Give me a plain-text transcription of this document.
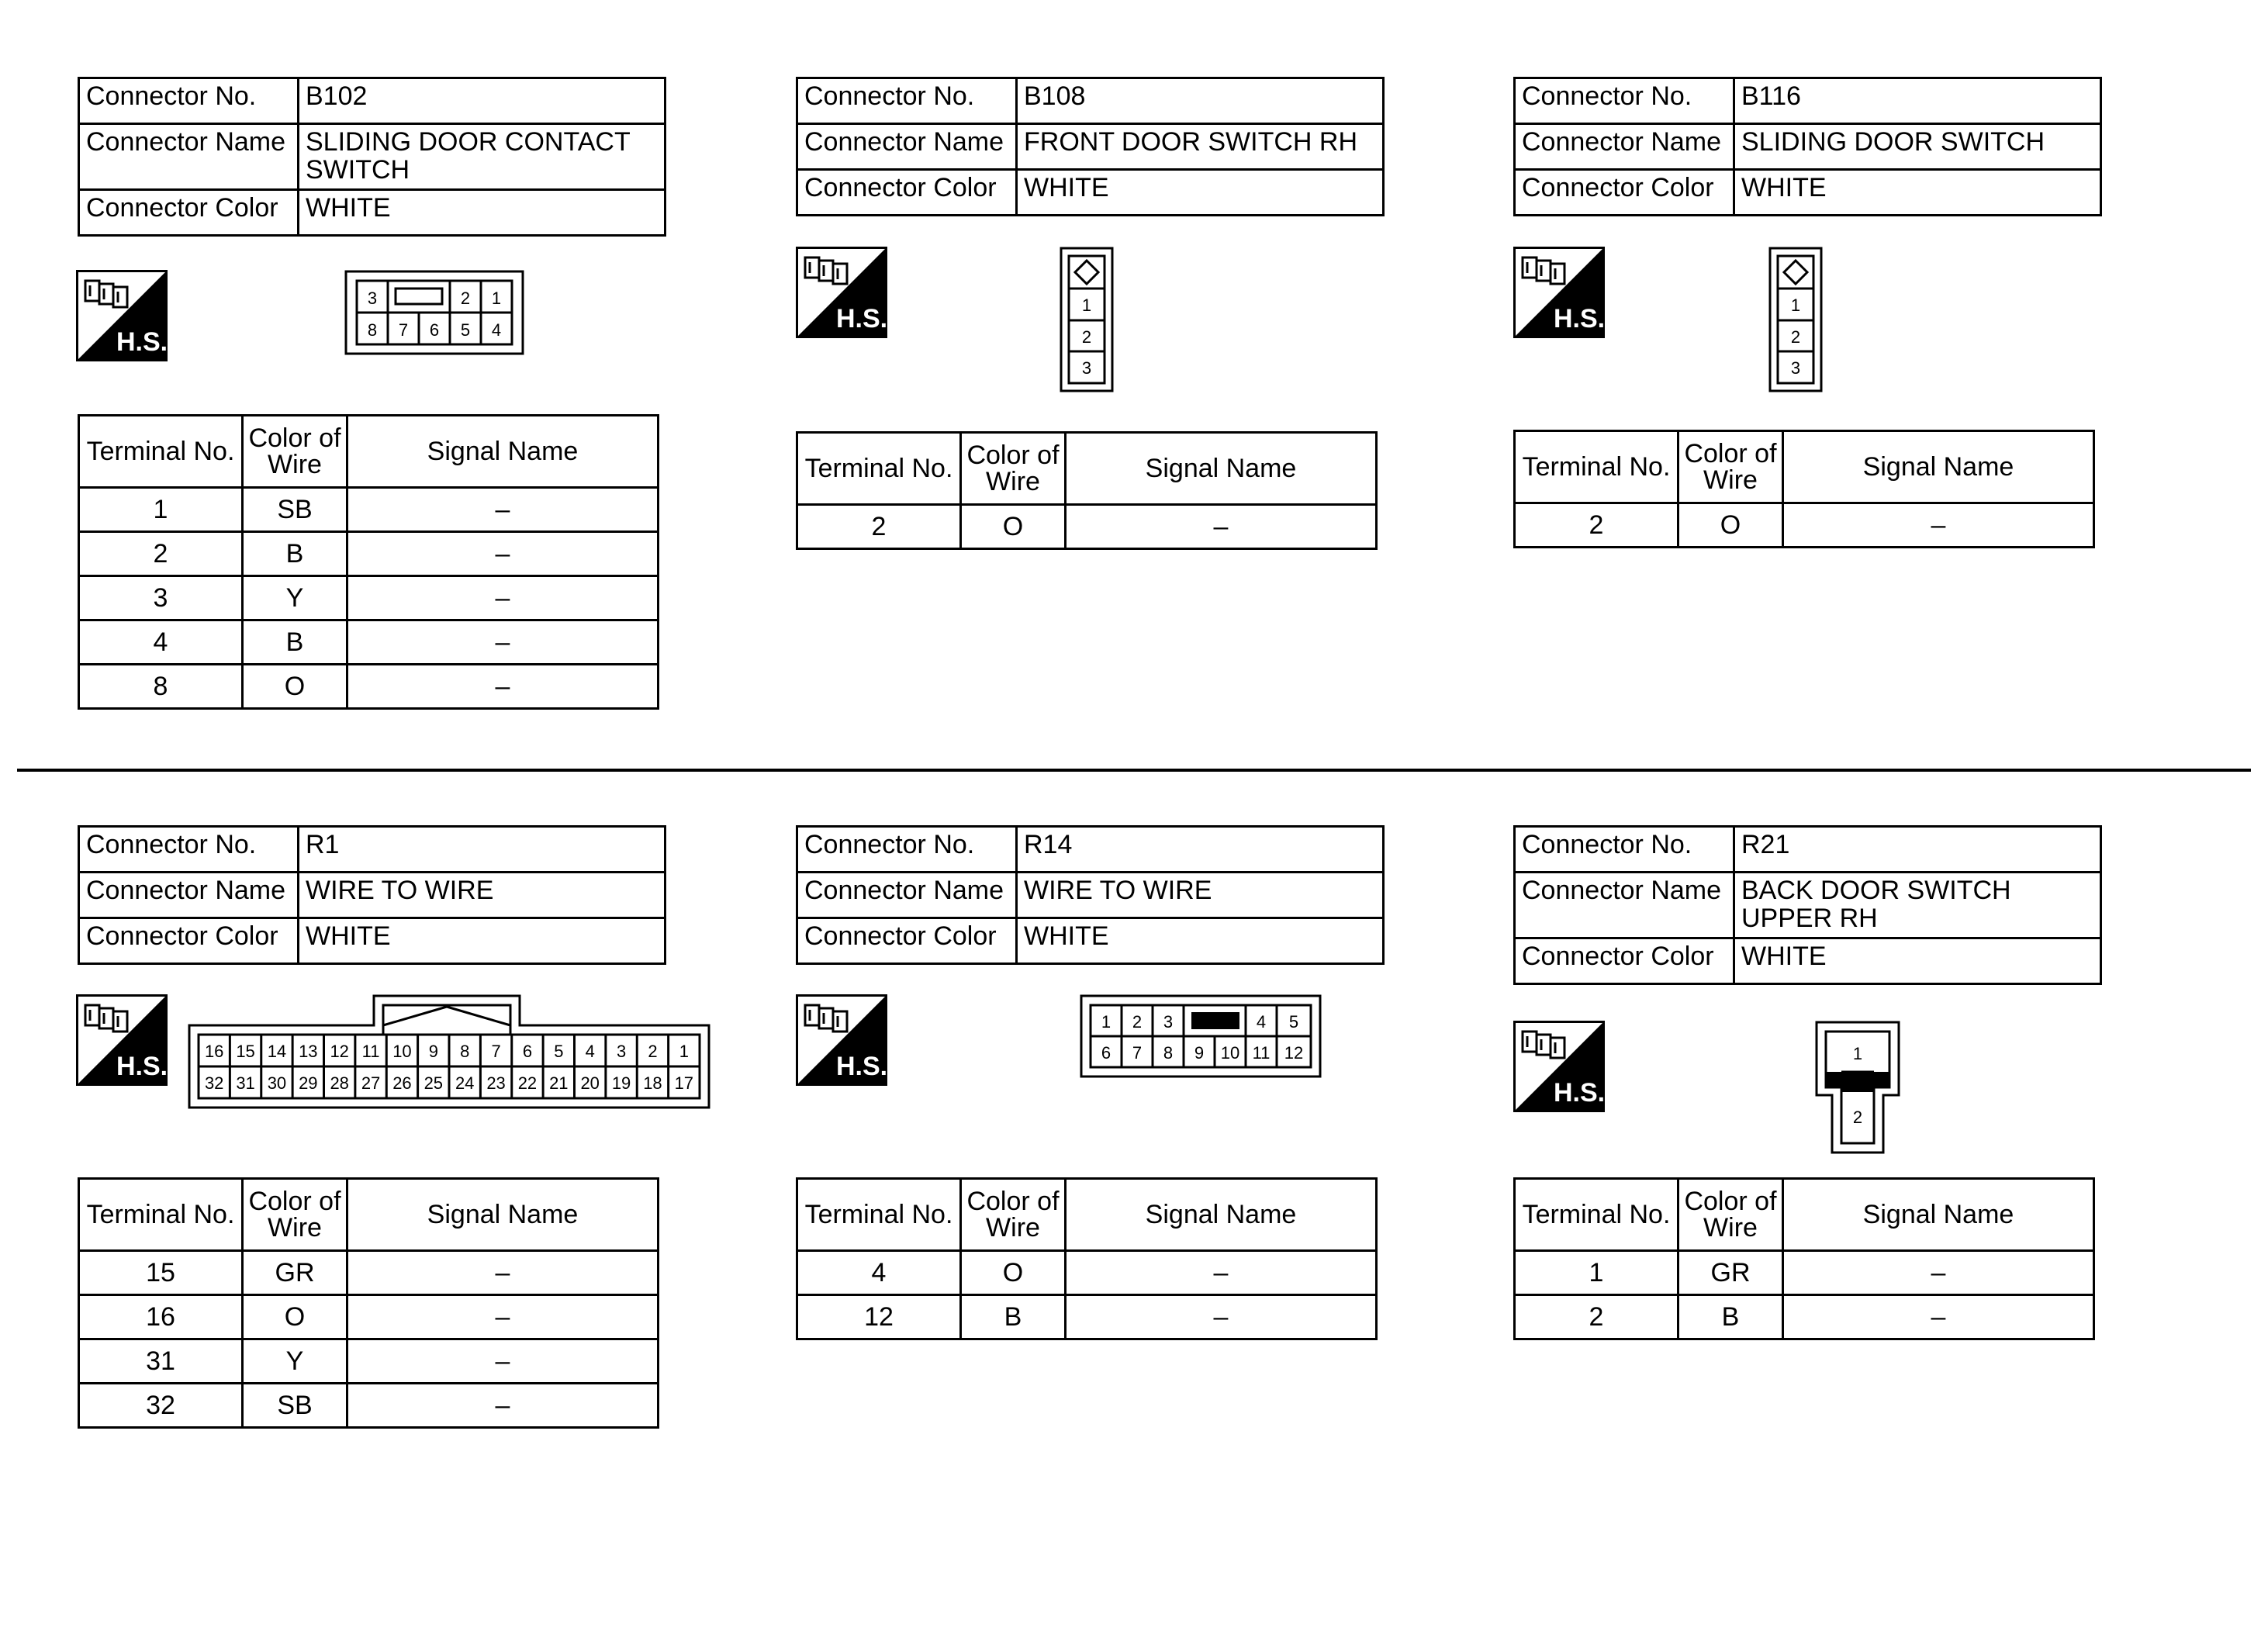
Connector No.	B102
Connector Name	SLIDING DOOR CONTACT SWITCH
Connector Color	WHITE
H.S.
3	2 1
8 7 6 5 4
Terminal No.	Color of Wire	Signal Name
1	SB	–
2	B	–
3	Y	–
4	B	–
8	O	–
Connector No.	B108
Connector Name	FRONT DOOR SWITCH RH
Connector Color	WHITE
H.S.	1
2
3
Terminal No.	Color of Wire	Signal Name
2	O	–
Connector No.	B116
Connector Name	SLIDING DOOR SWITCH
Connector Color	WHITE
H.S.	1
2
3
Terminal No.	Color of Wire	Signal Name
2	O	–
Connector No.	R1
Connector Name	WIRE TO WIRE
Connector Color	WHITE
H.S.
16 15 14 13 12 11 10 9 8 7 6 5 4 3 2 1
32 31 30 29 28 27 26 25 24 23 22 21 20 19 18 17
Terminal No.	Color of Wire	Signal Name
15	GR	–
16	O	–
31	Y	–
32	SB	–
Connector No.	R14
Connector Name	WIRE TO WIRE
Connector Color	WHITE
H.S.
1 2 3	4 5
6 7 8 9 10 11 12
Terminal No.	Color of Wire	Signal Name
4	O	–
12	B	–
Connector No.	R21
Connector Name	BACK DOOR SWITCH UPPER RH
Connector Color	WHITE
H.S.
1
2
Terminal No.	Color of Wire	Signal Name
1	GR	–
2	B	–
